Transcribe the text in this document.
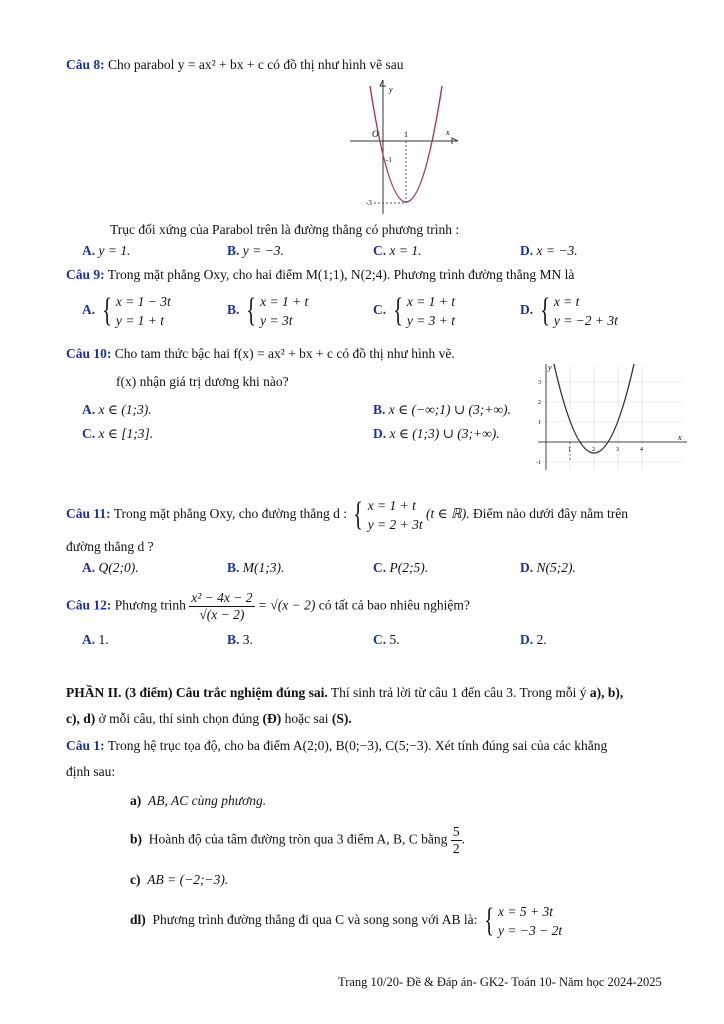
Câu 8: Cho parabol y = ax² + bx + c có đồ thị như hình vẽ sau
y
x
O	1
-1
-3
Trục đối xứng của Parabol trên là đường thẳng có phương trình :
A. y = 1.	B. y = −3.	C. x = 1.	D. x = −3.
Câu 9: Trong mặt phẳng Oxy, cho hai điểm M(1;1), N(2;4). Phương trình đường thẳng MN là
A. { x = 1 − 3t
y = 1 + t
B. { x = 1 + t
y = 3t
C. { x = 1 + t
y = 3 + t
D. { x = t
y = −2 + 3t
Câu 10: Cho tam thức bậc hai f(x) = ax² + bx + c có đồ thị như hình vẽ.
f(x) nhận giá trị dương khi nào?
A. x ∈ (1;3).	B. x ∈ (−∞;1) ∪ (3;+∞).
C. x ∈ [1;3].	D. x ∈ (1;3) ∪ (3;+∞).
y
x
3
2
1
-1
1	2	3	4
Câu 11: Trong mặt phẳng Oxy, cho đường thẳng d : { x = 1 + t
y = 2 + 3t
(t ∈ ℝ). Điểm nào dưới đây nằm trên
đường thẳng d ?
A. Q(2;0).	B. M(1;3).	C. P(2;5).	D. N(5;2).
Câu 12: Phương trình $\frac{\text{x² − 4x − 2}}{√(x - 2)} = √(x - 2)$ có tất cả bao nhiêu nghiệm?
A. 1.	B. 3.	C. 5.	D. 2.
PHẦN II. (3 điểm) Câu trắc nghiệm đúng sai. Thí sinh trả lời từ câu 1 đến câu 3. Trong mỗi ý a), b),
c), d) ở mỗi câu, thí sinh chọn đúng (Đ) hoặc sai (S).
Câu 1: Trong hệ trục tọa độ, cho ba điểm A(2;0), B(0;−3), C(5;−3). Xét tính đúng sai của các khẳng
định sau:
a) AB, AC cùng phương.
b) Hoành độ của tâm đường tròn qua 3 điểm A, B, C bằng $\frac{5}{2}$ .
c) AB = (−2;−3).
dl) Phương trình đường thẳng đi qua C và song song với AB là: { x = 5 + 3t
y = −3 − 2t
Trang 10/20- Đề & Đáp án- GK2- Toán 10- Năm học 2024-2025
